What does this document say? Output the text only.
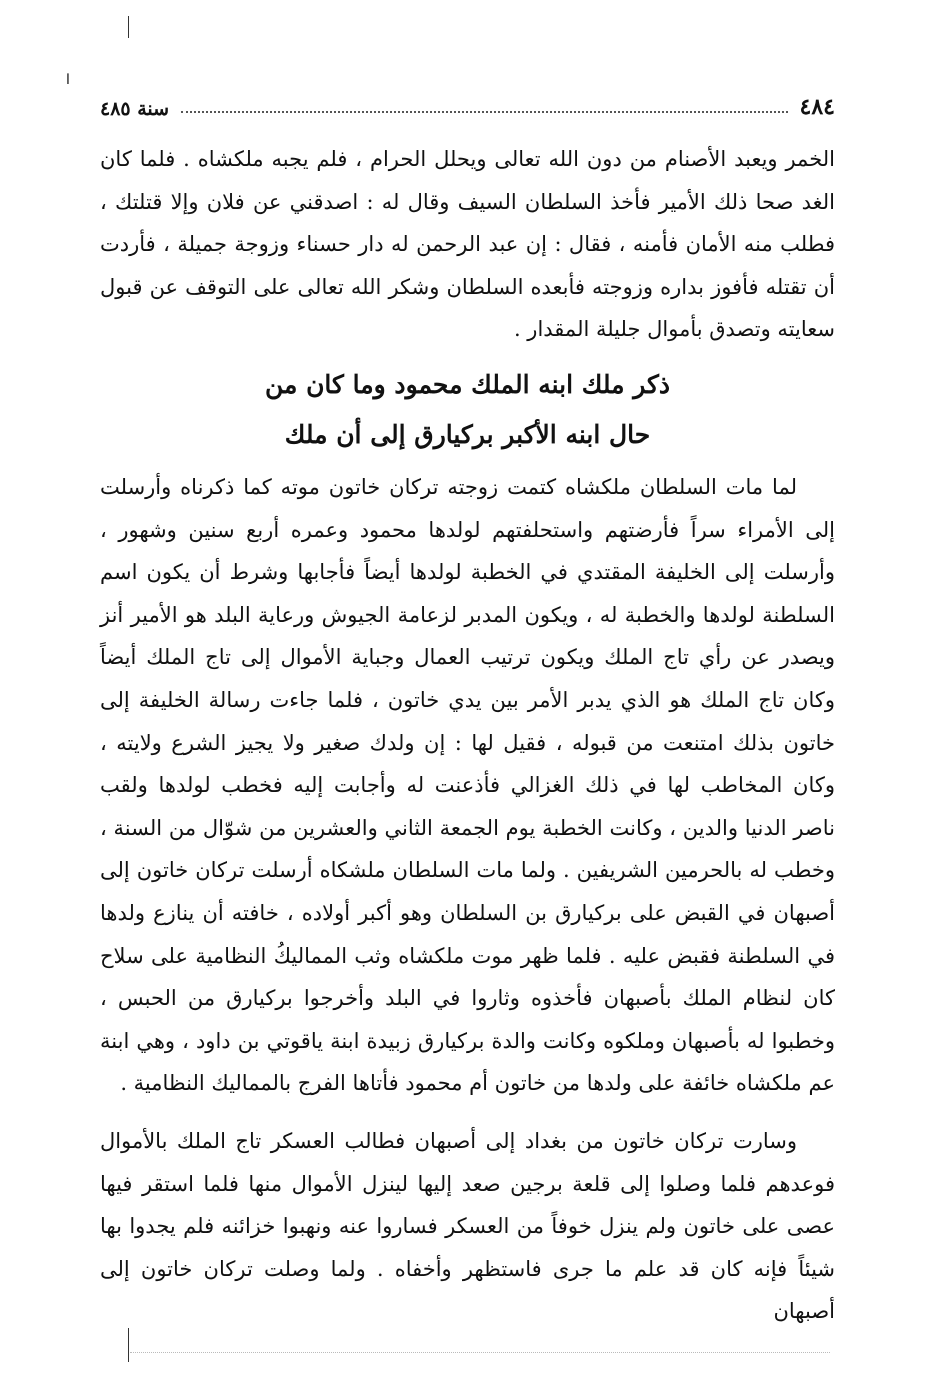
ا
٤٨٤
سنة ٤٨٥

الخمر ويعبد الأصنام من دون الله تعالى ويحلل الحرام ، فلم يجبه ملكشاه . فلما كان الغد صحا ذلك الأمير فأخذ السلطان السيف وقال له : اصدقني عن فلان وإلا قتلتك ، فطلب منه الأمان فأمنه ، فقال : إن عبد الرحمن له دار حسناء وزوجة جميلة ، فأردت أن تقتله فأفوز بداره وزوجته فأبعده السلطان وشكر الله تعالى على التوقف عن قبول سعايته وتصدق بأموال جليلة المقدار .

ذكر ملك ابنه الملك محمود وما كان من
حال ابنه الأكبر بركيارق إلى أن ملك

لما مات السلطان ملكشاه كتمت زوجته تركان خاتون موته كما ذكرناه وأرسلت إلى الأمراء سراً فأرضتهم واستحلفتهم لولدها محمود وعمره أربع سنين وشهور ، وأرسلت إلى الخليفة المقتدي في الخطبة لولدها أيضاً فأجابها وشرط أن يكون اسم السلطنة لولدها والخطبة له ، ويكون المدبر لزعامة الجيوش ورعاية البلد هو الأمير أنز ويصدر عن رأي تاج الملك ويكون ترتيب العمال وجباية الأموال إلى تاج الملك أيضاً وكان تاج الملك هو الذي يدبر الأمر بين يدي خاتون ، فلما جاءت رسالة الخليفة إلى خاتون بذلك امتنعت من قبوله ، فقيل لها : إن ولدك صغير ولا يجيز الشرع ولايته ، وكان المخاطب لها في ذلك الغزالي فأذعنت له وأجابت إليه فخطب لولدها ولقب ناصر الدنيا والدين ، وكانت الخطبة يوم الجمعة الثاني والعشرين من شوّال من السنة ، وخطب له بالحرمين الشريفين . ولما مات السلطان ملشكاه أرسلت تركان خاتون إلى أصبهان في القبض على بركيارق بن السلطان وهو أكبر أولاده ، خافته أن ينازع ولدها في السلطنة فقبض عليه . فلما ظهر موت ملكشاه وثب المماليكُ النظامية على سلاح كان لنظام الملك بأصبهان فأخذوه وثاروا في البلد وأخرجوا بركيارق من الحبس ، وخطبوا له بأصبهان وملكوه وكانت والدة بركيارق زبيدة ابنة ياقوتي بن داود ، وهي ابنة عم ملكشاه خائفة على ولدها من خاتون أم محمود فأتاها الفرج بالمماليك النظامية .

وسارت تركان خاتون من بغداد إلى أصبهان فطالب العسكر تاج الملك بالأموال فوعدهم فلما وصلوا إلى قلعة برجين صعد إليها لينزل الأموال منها فلما استقر فيها عصى على خاتون ولم ينزل خوفاً من العسكر فساروا عنه ونهبوا خزائنه فلم يجدوا بها شيئاً فإنه كان قد علم ما جرى فاستظهر وأخفاه . ولما وصلت تركان خاتون إلى أصبهان
